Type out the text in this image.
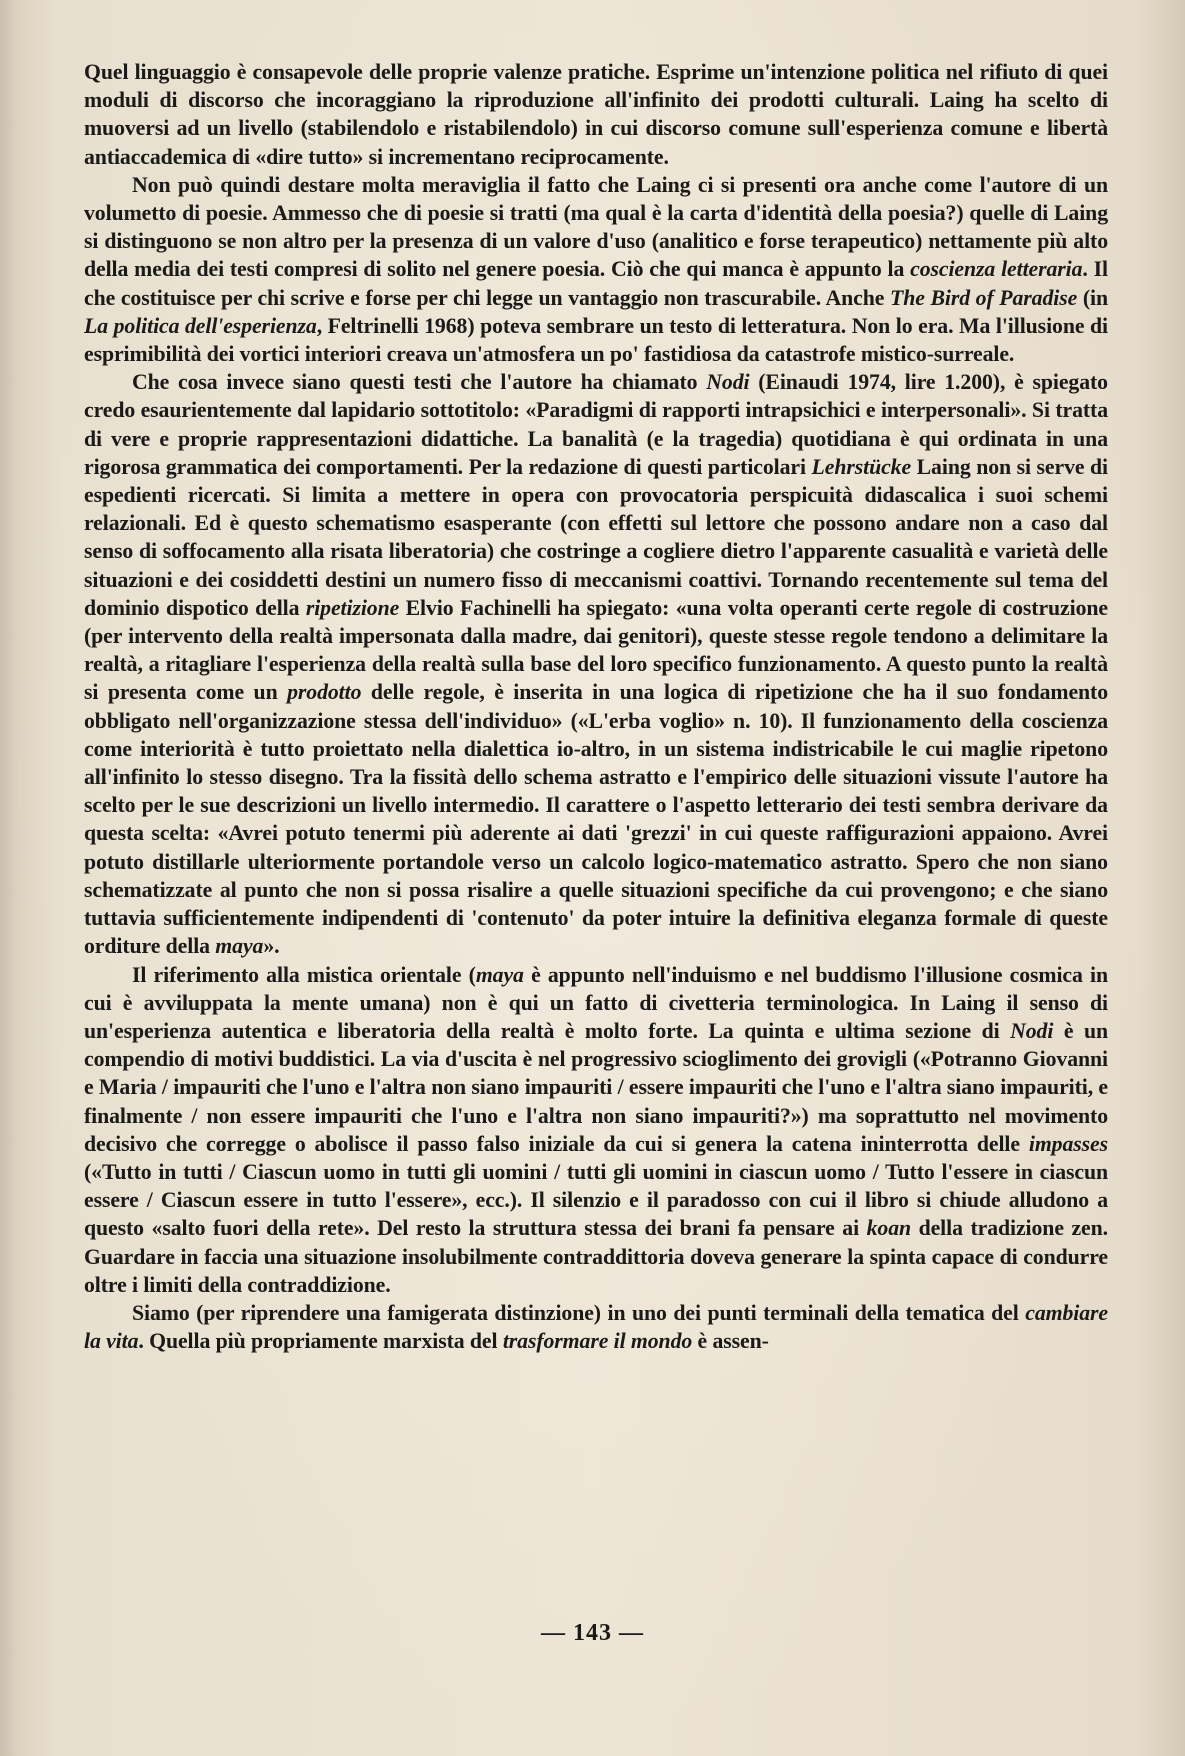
Quel linguaggio è consapevole delle proprie valenze pratiche. Esprime un'intenzione politica nel rifiuto di quei moduli di discorso che incoraggiano la riproduzione all'infinito dei prodotti culturali. Laing ha scelto di muoversi ad un livello (stabilendolo e ristabilendolo) in cui discorso comune sull'esperienza comune e libertà antiaccademica di «dire tutto» si incrementano reciprocamente.

Non può quindi destare molta meraviglia il fatto che Laing ci si presenti ora anche come l'autore di un volumetto di poesie. Ammesso che di poesie si tratti (ma qual è la carta d'identità della poesia?) quelle di Laing si distinguono se non altro per la presenza di un valore d'uso (analitico e forse terapeutico) nettamente più alto della media dei testi compresi di solito nel genere poesia. Ciò che qui manca è appunto la coscienza letteraria. Il che costituisce per chi scrive e forse per chi legge un vantaggio non trascurabile. Anche The Bird of Paradise (in La politica dell'esperienza, Feltrinelli 1968) poteva sembrare un testo di letteratura. Non lo era. Ma l'illusione di esprimibilità dei vortici interiori creava un'atmosfera un po' fastidiosa da catastrofe mistico-surreale.

Che cosa invece siano questi testi che l'autore ha chiamato Nodi (Einaudi 1974, lire 1.200), è spiegato credo esaurientemente dal lapidario sottotitolo: «Paradigmi di rapporti intrapsichici e interpersonali». Si tratta di vere e proprie rappresentazioni didattiche. La banalità (e la tragedia) quotidiana è qui ordinata in una rigorosa grammatica dei comportamenti. Per la redazione di questi particolari Lehrstücke Laing non si serve di espedienti ricercati. Si limita a mettere in opera con provocatoria perspicuità didascalica i suoi schemi relazionali. Ed è questo schematismo esasperante (con effetti sul lettore che possono andare non a caso dal senso di soffocamento alla risata liberatoria) che costringe a cogliere dietro l'apparente casualità e varietà delle situazioni e dei cosiddetti destini un numero fisso di meccanismi coattivi. Tornando recentemente sul tema del dominio dispotico della ripetizione Elvio Fachinelli ha spiegato: «una volta operanti certe regole di costruzione (per intervento della realtà impersonata dalla madre, dai genitori), queste stesse regole tendono a delimitare la realtà, a ritagliare l'esperienza della realtà sulla base del loro specifico funzionamento. A questo punto la realtà si presenta come un prodotto delle regole, è inserita in una logica di ripetizione che ha il suo fondamento obbligato nell'organizzazione stessa dell'individuo» («L'erba voglio» n. 10). Il funzionamento della coscienza come interiorità è tutto proiettato nella dialettica io-altro, in un sistema indistricabile le cui maglie ripetono all'infinito lo stesso disegno. Tra la fissità dello schema astratto e l'empirico delle situazioni vissute l'autore ha scelto per le sue descrizioni un livello intermedio. Il carattere o l'aspetto letterario dei testi sembra derivare da questa scelta: «Avrei potuto tenermi più aderente ai dati 'grezzi' in cui queste raffigurazioni appaiono. Avrei potuto distillarle ulteriormente portandole verso un calcolo logico-matematico astratto. Spero che non siano schematizzate al punto che non si possa risalire a quelle situazioni specifiche da cui provengono; e che siano tuttavia sufficientemente indipendenti di 'contenuto' da poter intuire la definitiva eleganza formale di queste orditure della maya».

Il riferimento alla mistica orientale (maya è appunto nell'induismo e nel buddismo l'illusione cosmica in cui è avviluppata la mente umana) non è qui un fatto di civetteria terminologica. In Laing il senso di un'esperienza autentica e liberatoria della realtà è molto forte. La quinta e ultima sezione di Nodi è un compendio di motivi buddistici. La via d'uscita è nel progressivo scioglimento dei grovigli («Potranno Giovanni e Maria / impauriti che l'uno e l'altra non siano impauriti / essere impauriti che l'uno e l'altra siano impauriti, e finalmente / non essere impauriti che l'uno e l'altra non siano impauriti?») ma soprattutto nel movimento decisivo che corregge o abolisce il passo falso iniziale da cui si genera la catena ininterrotta delle impasses («Tutto in tutti / Ciascun uomo in tutti gli uomini / tutti gli uomini in ciascun uomo / Tutto l'essere in ciascun essere / Ciascun essere in tutto l'essere», ecc.). Il silenzio e il paradosso con cui il libro si chiude alludono a questo «salto fuori della rete». Del resto la struttura stessa dei brani fa pensare ai koan della tradizione zen. Guardare in faccia una situazione insolubilmente contraddittoria doveva generare la spinta capace di condurre oltre i limiti della contraddizione.

Siamo (per riprendere una famigerata distinzione) in uno dei punti terminali della tematica del cambiare la vita. Quella più propriamente marxista del trasformare il mondo è assen-

— 143 —
